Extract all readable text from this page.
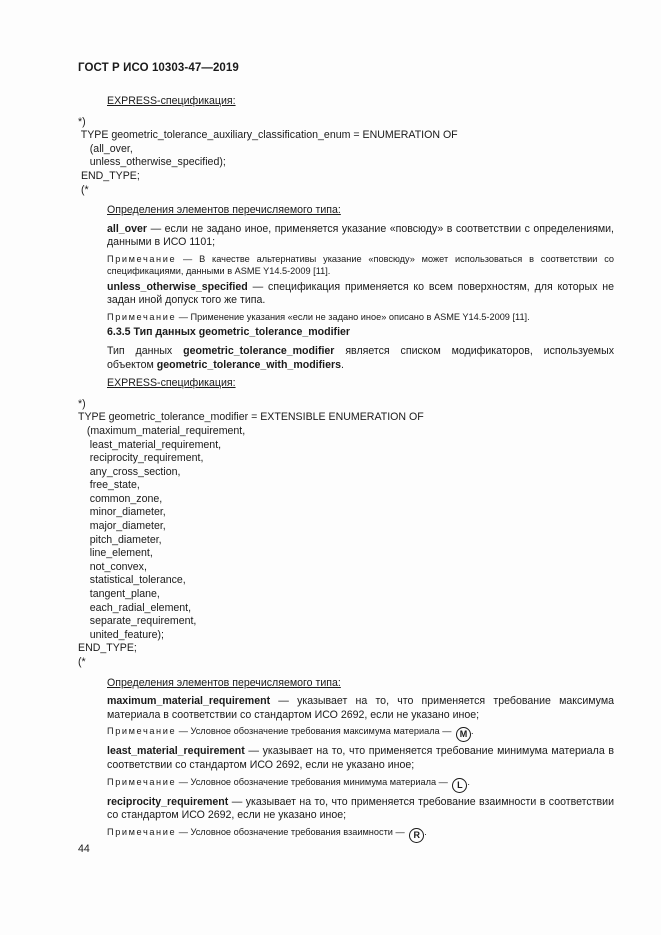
ГОСТ Р ИСО 10303-47—2019

EXPRESS-спецификация:

*)

TYPE geometric_tolerance_auxiliary_classification_enum = ENUMERATION OF

(all_over,

unless_otherwise_specified);

END_TYPE;

(*

Определения элементов перечисляемого типа:

all_over — если не задано иное, применяется указание «повсюду» в соответствии с определениями, данными в ИСО 1101;

Примечание — В качестве альтернативы указание «повсюду» может использоваться в соответствии со спецификациями, данными в ASME Y14.5-2009 [11].

unless_otherwise_specified — спецификация применяется ко всем поверхностям, для которых не задан иной допуск того же типа.

Примечание — Применение указания «если не задано иное» описано в ASME Y14.5-2009 [11].

6.3.5 Тип данных geometric_tolerance_modifier

Тип данных geometric_tolerance_modifier является списком модификаторов, используемых объектом geometric_tolerance_with_modifiers.

EXPRESS-спецификация:

*)

TYPE geometric_tolerance_modifier = EXTENSIBLE ENUMERATION OF

(maximum_material_requirement,

least_material_requirement,

reciprocity_requirement,

any_cross_section,

free_state,

common_zone,

minor_diameter,

major_diameter,

pitch_diameter,

line_element,

not_convex,

statistical_tolerance,

tangent_plane,

each_radial_element,

separate_requirement,

united_feature);

END_TYPE;

(*

Определения элементов перечисляемого типа:

maximum_material_requirement — указывает на то, что применяется требование максимума материала в соответствии со стандартом ИСО 2692, если не указано иное;

Примечание — Условное обозначение требования максимума материала — M .

least_material_requirement — указывает на то, что применяется требование минимума материала в соответствии со стандартом ИСО 2692, если не указано иное;

Примечание — Условное обозначение требования минимума материала — L .

reciprocity_requirement — указывает на то, что применяется требование взаимности в соответствии со стандартом ИСО 2692, если не указано иное;

Примечание — Условное обозначение требования взаимности — R .

44
